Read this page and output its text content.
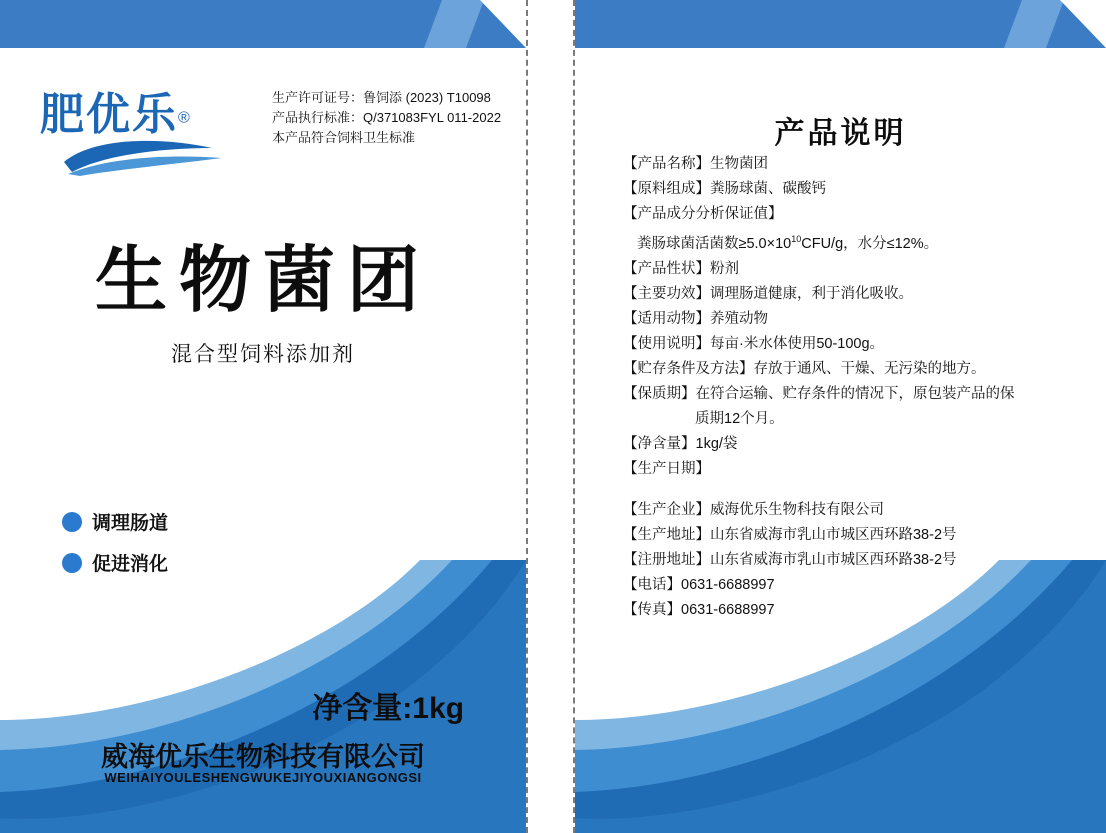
肥优乐®
生产许可证号：鲁饲添 (2023) T10098
产品执行标准：Q/371083FYL 011-2022
本产品符合饲料卫生标准
生物菌团
混合型饲料添加剂
调理肠道
促进消化
净含量:1kg
威海优乐生物科技有限公司
WEIHAIYOULESHENGWUKEJIYOUXIANGONGSI
产品说明
【产品名称】生物菌团
【原料组成】粪肠球菌、碳酸钙
【产品成分分析保证值】
粪肠球菌活菌数$\ge 5.0\times 10^{10}CFU/g$，水分≤12%。
【产品性状】粉剂
【主要功效】调理肠道健康，利于消化吸收。
【适用动物】养殖动物
【使用说明】每亩·米水体使用50-100g。
【贮存条件及方法】存放于通风、干燥、无污染的地方。
【保质期】在符合运输、贮存条件的情况下，原包装产品的保
质期12个月。
【净含量】1kg/袋
【生产日期】
【生产企业】威海优乐生物科技有限公司
【生产地址】山东省威海市乳山市城区西环路38-2号
【注册地址】山东省威海市乳山市城区西环路38-2号
【电话】0631-6688997
【传真】0631-6688997
